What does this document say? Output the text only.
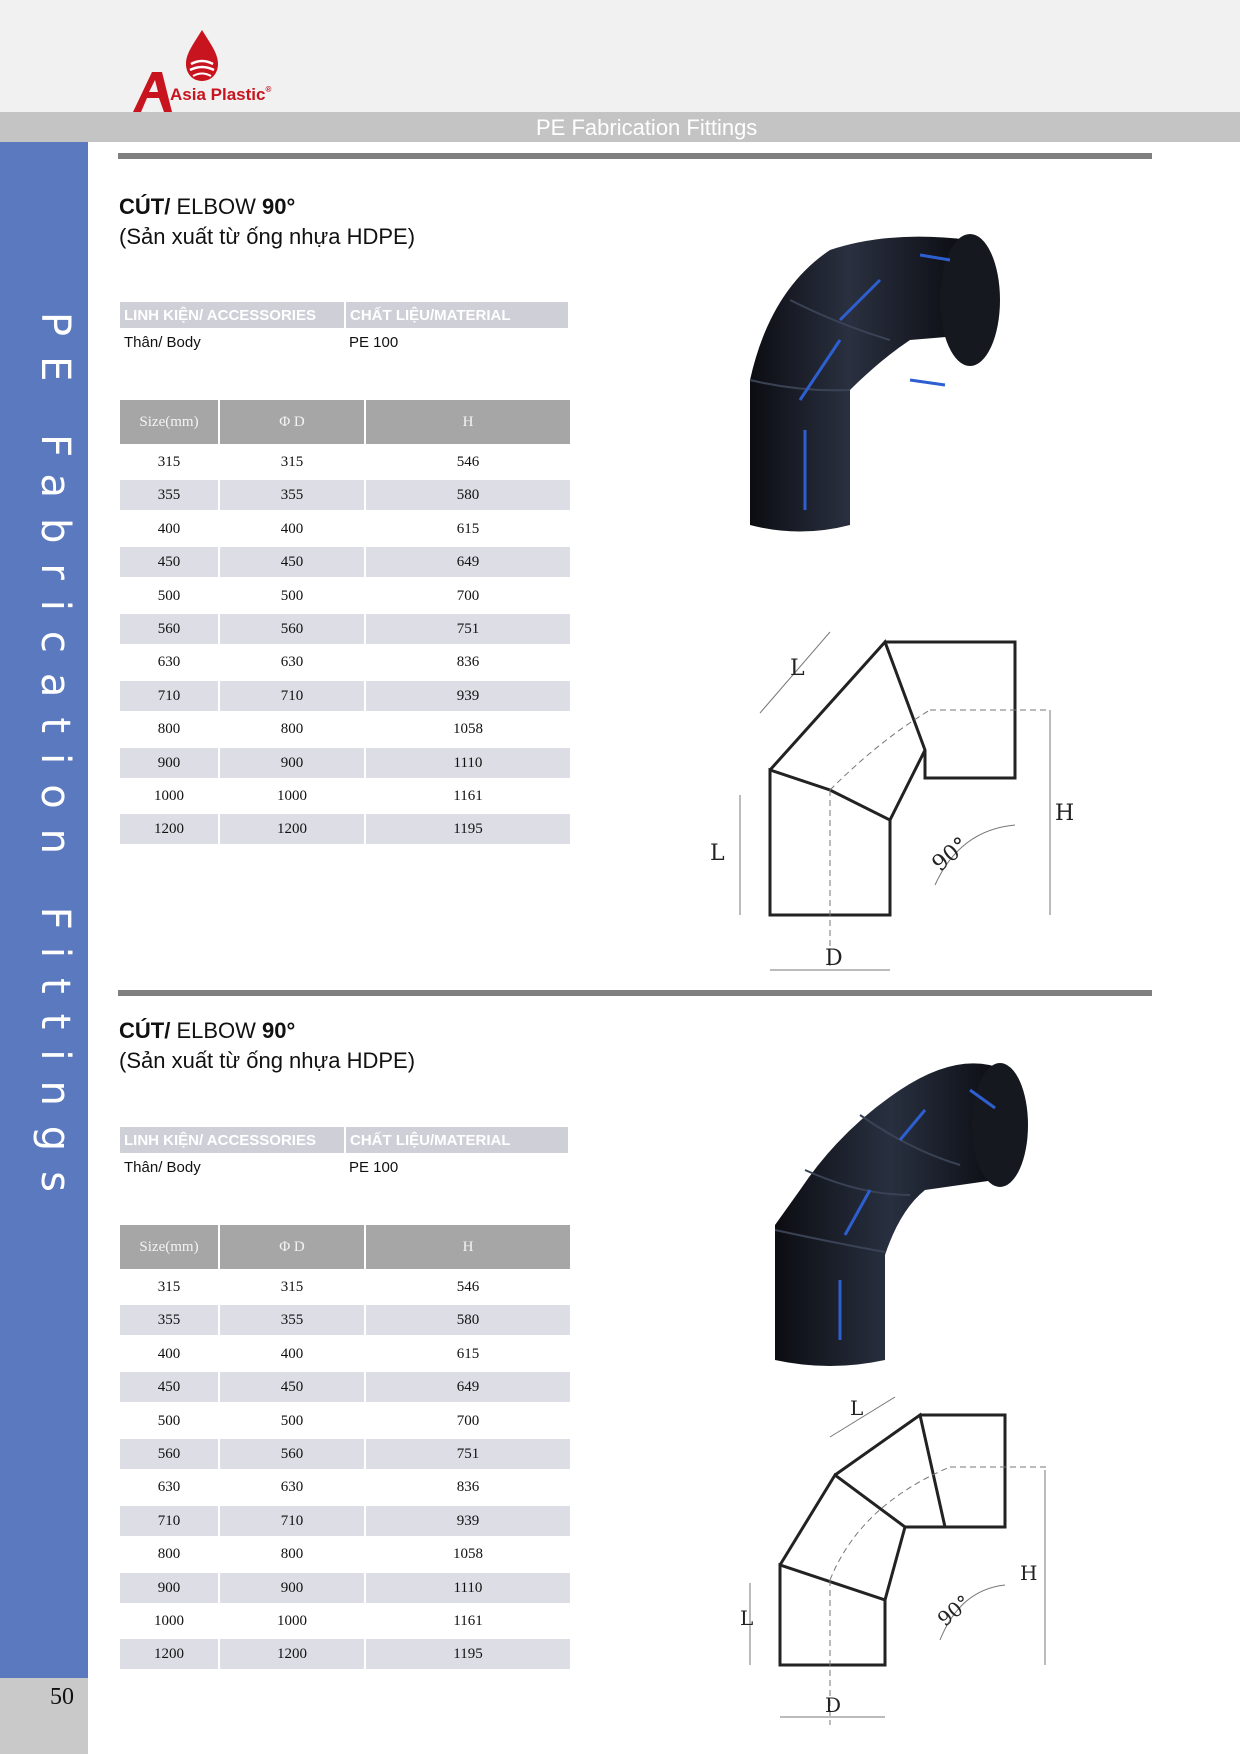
Asia Plastic®
PE Fabrication Fittings
PE Fabrication Fittings
50
CÚT/ ELBOW 90°
(Sản xuất từ ống nhựa HDPE)
LINH KIỆN/ ACCESSORIES	CHẤT LIỆU/MATERIAL
Thân/ Body	PE 100
Size(mm)	Φ D	H
315	315	546
355	355	580
400	400	615
450	450	649
500	500	700
560	560	751
630	630	836
710	710	939
800	800	1058
900	900	1110
1000	1000	1161
1200	1200	1195
L
L
H
D
90°
CÚT/ ELBOW 90°
(Sản xuất từ ống nhựa HDPE)
LINH KIỆN/ ACCESSORIES	CHẤT LIỆU/MATERIAL
Thân/ Body	PE 100
Size(mm)	Φ D	H
315	315	546
355	355	580
400	400	615
450	450	649
500	500	700
560	560	751
630	630	836
710	710	939
800	800	1058
900	900	1110
1000	1000	1161
1200	1200	1195
L
L
H
D
90°
